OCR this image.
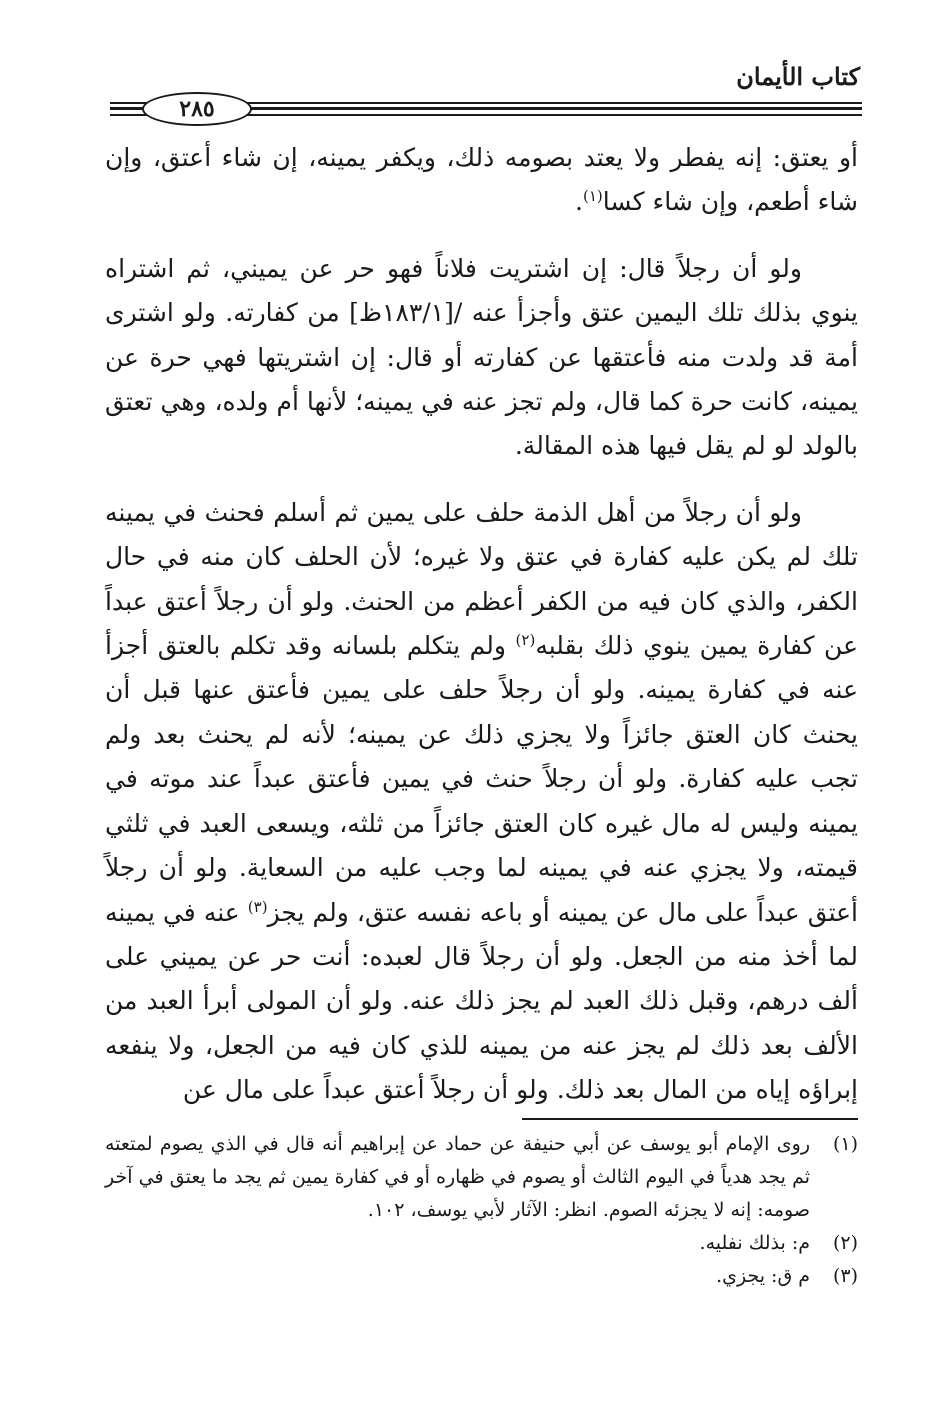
كتاب الأيمان
٢٨٥

أو يعتق: إنه يفطر ولا يعتد بصومه ذلك، ويكفر يمينه، إن شاء أعتق، وإن شاء أطعم، وإن شاء كسا$^{(١)}$.

ولو أن رجلاً قال: إن اشتريت فلاناً فهو حر عن يميني، ثم اشتراه ينوي بذلك تلك اليمين عتق وأجزأ عنه /[١٨٣/١ظ] من كفارته. ولو اشترى أمة قد ولدت منه فأعتقها عن كفارته أو قال: إن اشتريتها فهي حرة عن يمينه، كانت حرة كما قال، ولم تجز عنه في يمينه؛ لأنها أم ولده، وهي تعتق بالولد لو لم يقل فيها هذه المقالة.

ولو أن رجلاً من أهل الذمة حلف على يمين ثم أسلم فحنث في يمينه تلك لم يكن عليه كفارة في عتق ولا غيره؛ لأن الحلف كان منه في حال الكفر، والذي كان فيه من الكفر أعظم من الحنث. ولو أن رجلاً أعتق عبداً عن كفارة يمين ينوي ذلك بقلبه$^{(٢)}$ ولم يتكلم بلسانه وقد تكلم بالعتق أجزأ عنه في كفارة يمينه. ولو أن رجلاً حلف على يمين فأعتق عنها قبل أن يحنث كان العتق جائزاً ولا يجزي ذلك عن يمينه؛ لأنه لم يحنث بعد ولم تجب عليه كفارة. ولو أن رجلاً حنث في يمين فأعتق عبداً عند موته في يمينه وليس له مال غيره كان العتق جائزاً من ثلثه، ويسعى العبد في ثلثي قيمته، ولا يجزي عنه في يمينه لما وجب عليه من السعاية. ولو أن رجلاً أعتق عبداً على مال عن يمينه أو باعه نفسه عتق، ولم يجز$^{(٣)}$ عنه في يمينه لما أخذ منه من الجعل. ولو أن رجلاً قال لعبده: أنت حر عن يميني على ألف درهم، وقبل ذلك العبد لم يجز ذلك عنه. ولو أن المولى أبرأ العبد من الألف بعد ذلك لم يجز عنه من يمينه للذي كان فيه من الجعل، ولا ينفعه إبراؤه إياه من المال بعد ذلك. ولو أن رجلاً أعتق عبداً على مال عن

(١)
روى الإمام أبو يوسف عن أبي حنيفة عن حماد عن إبراهيم أنه قال في الذي يصوم لمتعته ثم يجد هدياً في اليوم الثالث أو يصوم في ظهاره أو في كفارة يمين ثم يجد ما يعتق في آخر صومه: إنه لا يجزئه الصوم. انظر: الآثار لأبي يوسف، ١٠٢.
(٢)
م: بذلك نفليه.
(٣)
م ق: يجزي.
